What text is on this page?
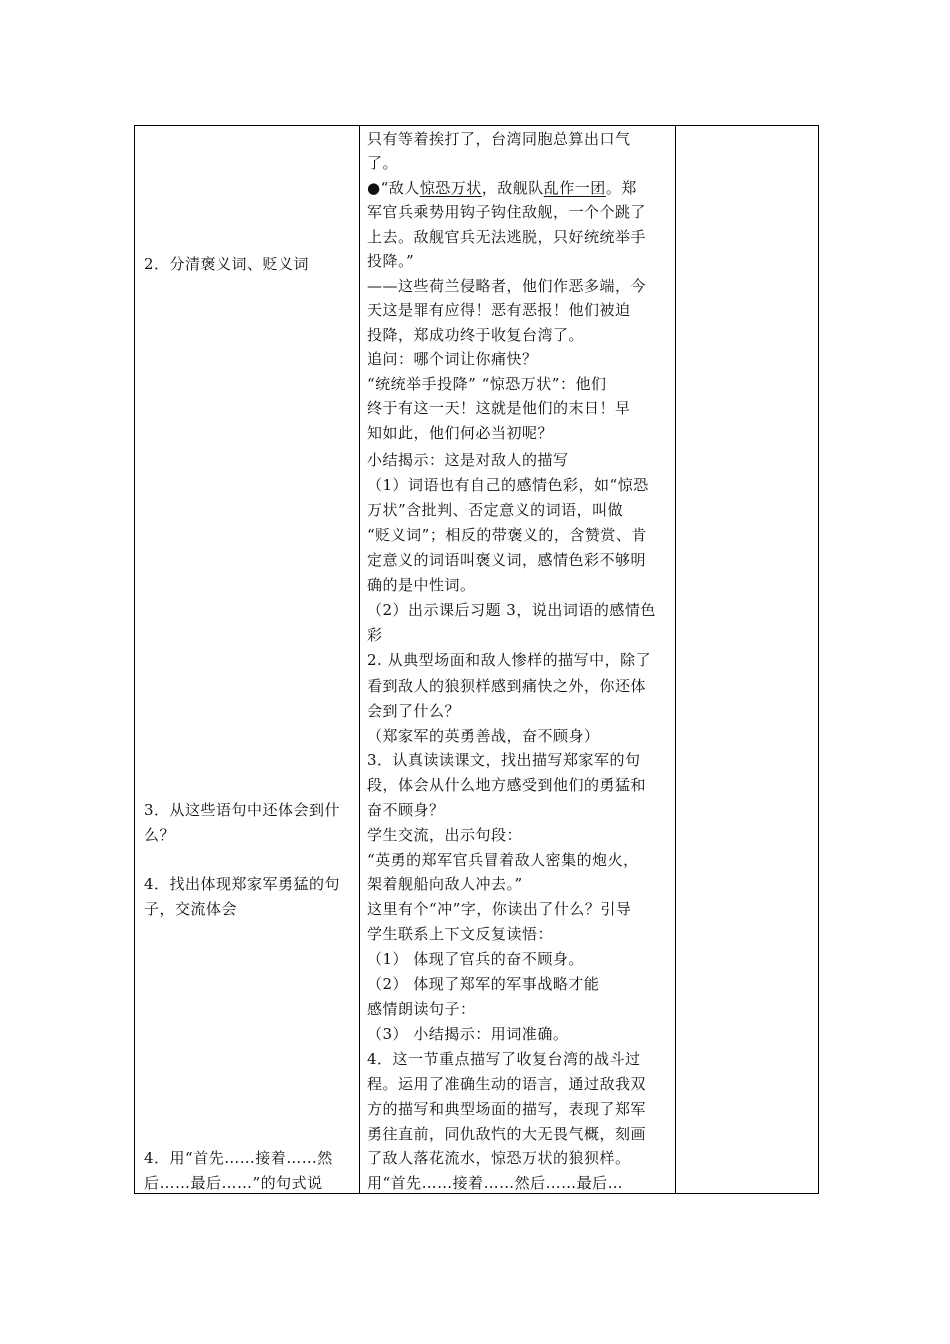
2．分清褒义词、贬义词
3．从这些语句中还体会到什
么？
4．找出体现郑家军勇猛的句
子，交流体会
4．用“首先……接着……然
后……最后……”的句式说
只有等着挨打了，台湾同胞总算出口气
了。
●“敌人惊恐万状，敌舰队乱作一团。郑
军官兵乘势用钩子钩住敌舰，一个个跳了
上去。敌舰官兵无法逃脱，只好统统举手
投降。”
——这些荷兰侵略者，他们作恶多端，今
天这是罪有应得！恶有恶报！他们被迫
投降，郑成功终于收复台湾了。
追问：哪个词让你痛快？
“统统举手投降” “惊恐万状”：他们
终于有这一天！这就是他们的末日！早
知如此，他们何必当初呢？
小结揭示：这是对敌人的描写
（1）词语也有自己的感情色彩，如“惊恐
万状”含批判、否定意义的词语，叫做
“贬义词”；相反的带褒义的，含赞赏、肯
定意义的词语叫褒义词，感情色彩不够明
确的是中性词。
（2）出示课后习题 3，说出词语的感情色
彩
2. 从典型场面和敌人惨样的描写中，除了
看到敌人的狼狈样感到痛快之外，你还体
会到了什么？
（郑家军的英勇善战，奋不顾身）
3．认真读读课文，找出描写郑家军的句
段，体会从什么地方感受到他们的勇猛和
奋不顾身？
学生交流，出示句段：
“英勇的郑军官兵冒着敌人密集的炮火，
架着舰船向敌人冲去。”
这里有个“冲”字，你读出了什么？引导
学生联系上下文反复读悟：
（1） 体现了官兵的奋不顾身。
（2） 体现了郑军的军事战略才能
感情朗读句子：
（3） 小结揭示：用词准确。
4．这一节重点描写了收复台湾的战斗过
程。运用了准确生动的语言，通过敌我双
方的描写和典型场面的描写，表现了郑军
勇往直前，同仇敌忾的大无畏气概，刻画
了敌人落花流水，惊恐万状的狼狈样。
用“首先……接着……然后……最后…
